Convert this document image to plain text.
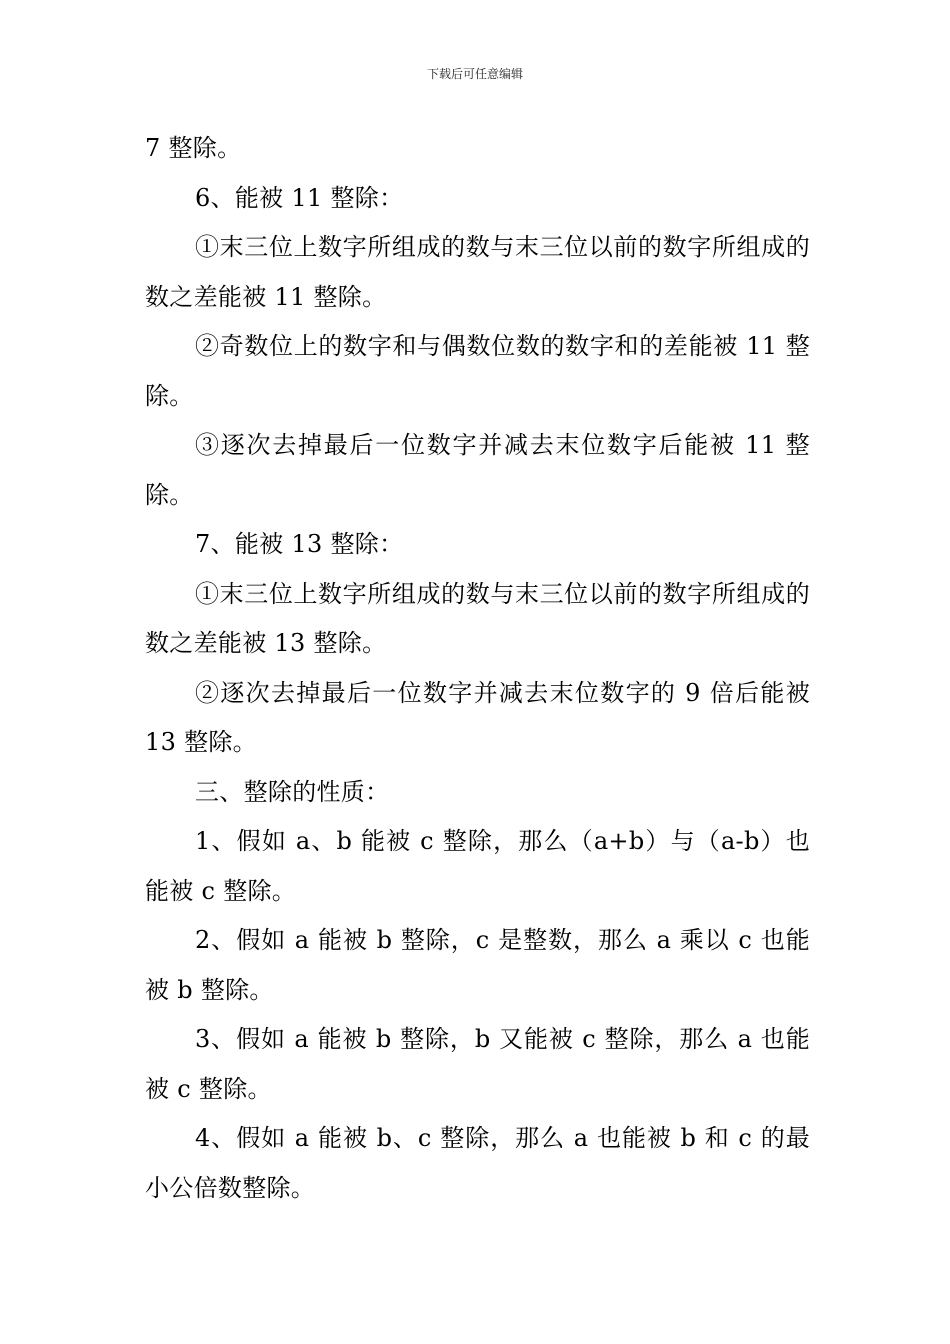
下载后可任意编辑

7 整除。

6、能被 11 整除：

①末三位上数字所组成的数与末三位以前的数字所组成的数之差能被 11 整除。

②奇数位上的数字和与偶数位数的数字和的差能被 11 整除。

③逐次去掉最后一位数字并减去末位数字后能被 11 整除。

7、能被 13 整除：

①末三位上数字所组成的数与末三位以前的数字所组成的数之差能被 13 整除。

②逐次去掉最后一位数字并减去末位数字的 9 倍后能被 13 整除。

三、整除的性质：

1、假如 a、b 能被 c 整除，那么（a+b）与（a-b）也能被 c 整除。

2、假如 a 能被 b 整除，c 是整数，那么 a 乘以 c 也能被 b 整除。

3、假如 a 能被 b 整除，b 又能被 c 整除，那么 a 也能被 c 整除。

4、假如 a 能被 b、c 整除，那么 a 也能被 b 和 c 的最小公倍数整除。
